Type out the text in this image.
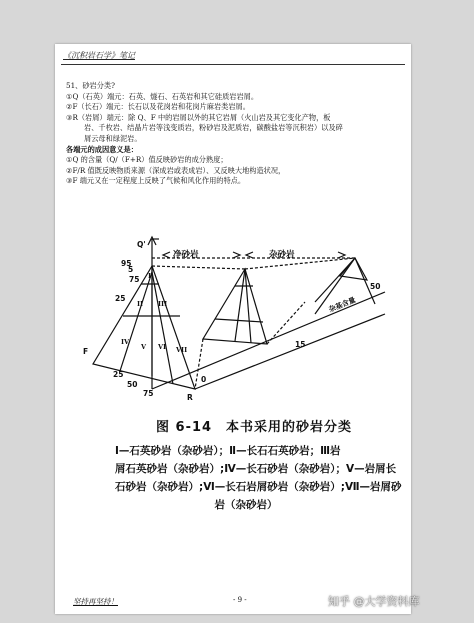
《沉积岩石学》笔记
51、砂岩分类?
①Q（石英）端元：石英、燧石、石英岩和其它硅质岩岩屑。
②F（长石）端元：长石以及花岗岩和花岗片麻岩类岩屑。
③R（岩屑）端元：除 Q、F 中的岩屑以外的其它岩屑（火山岩及其它变化产物，板
岩、千枚岩、结晶片岩等浅变质岩，粉砂岩及泥质岩，碳酸盐岩等沉积岩）以及碎
屑云母和绿泥岩。
各端元的成因意义是：
①Q 的含量（Q/（F+R）值反映砂岩的成分熟度；
②F/R 值既反映物质来源（深成岩或表成岩）、又反映大地构造状况，
③F 端元又在一定程度上反映了气候和风化作用的特点。
Q'
净砂岩	杂砂岩
杂基含量
F
R
95
75
25
5
25
50
75
0
15
50
I
II III
IV
V VI VII
图 6-14　本书采用的砂岩分类
Ⅰ—石英砂岩（杂砂岩）；Ⅱ—长石石英砂岩；Ⅲ岩
屑石英砂岩（杂砂岩）;Ⅳ—长石砂岩（杂砂岩）；Ⅴ—岩屑长
石砂岩（杂砂岩）;Ⅵ—长石岩屑砂岩（杂砂岩）;Ⅶ—岩屑砂
岩（杂砂岩）
坚持再坚持！	- 9 -	知乎 @大学资料库
